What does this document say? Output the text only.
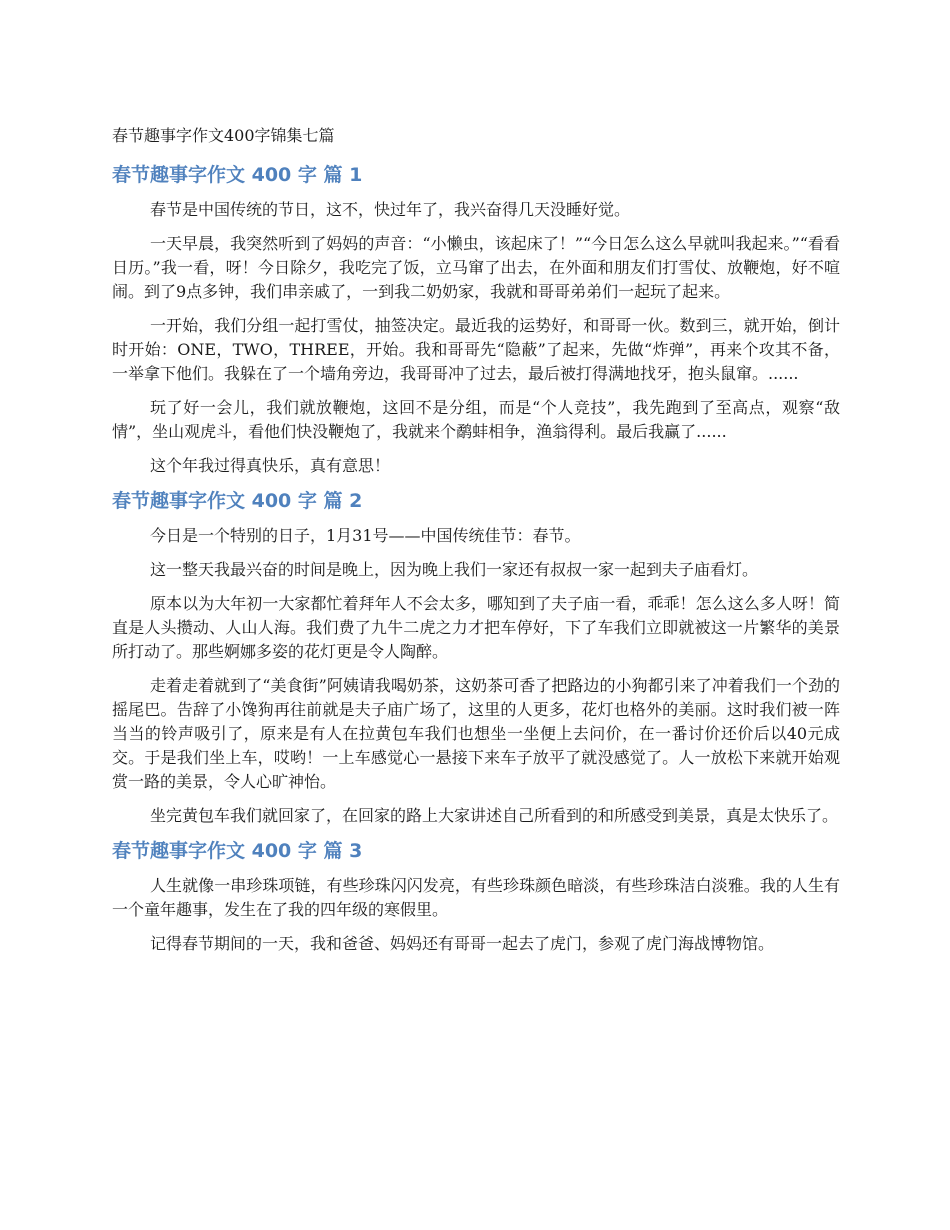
春节趣事字作文400字锦集七篇
春节趣事字作文 400 字 篇 1

春节是中国传统的节日，这不，快过年了，我兴奋得几天没睡好觉。

一天早晨，我突然听到了妈妈的声音：“小懒虫，该起床了！”“今日怎么这么早就叫我起来。”“看看日历。”我一看，呀！今日除夕，我吃完了饭，立马窜了出去，在外面和朋友们打雪仗、放鞭炮，好不喧闹。到了9点多钟，我们串亲戚了，一到我二奶奶家，我就和哥哥弟弟们一起玩了起来。

一开始，我们分组一起打雪仗，抽签决定。最近我的运势好，和哥哥一伙。数到三，就开始，倒计时开始：ONE，TWO，THREE，开始。我和哥哥先“隐蔽”了起来，先做“炸弹”，再来个攻其不备，一举拿下他们。我躲在了一个墙角旁边，我哥哥冲了过去，最后被打得满地找牙，抱头鼠窜。......

玩了好一会儿，我们就放鞭炮，这回不是分组，而是“个人竞技”，我先跑到了至高点，观察“敌情”，坐山观虎斗，看他们快没鞭炮了，我就来个鹬蚌相争，渔翁得利。最后我赢了......

这个年我过得真快乐，真有意思！

春节趣事字作文 400 字 篇 2

今日是一个特别的日子，1月31号——中国传统佳节：春节。

这一整天我最兴奋的时间是晚上，因为晚上我们一家还有叔叔一家一起到夫子庙看灯。

原本以为大年初一大家都忙着拜年人不会太多，哪知到了夫子庙一看，乖乖！怎么这么多人呀！简直是人头攒动、人山人海。我们费了九牛二虎之力才把车停好，下了车我们立即就被这一片繁华的美景所打动了。那些婀娜多姿的花灯更是令人陶醉。

走着走着就到了“美食街”阿姨请我喝奶茶，这奶茶可香了把路边的小狗都引来了冲着我们一个劲的摇尾巴。告辞了小馋狗再往前就是夫子庙广场了，这里的人更多，花灯也格外的美丽。这时我们被一阵当当的铃声吸引了，原来是有人在拉黄包车我们也想坐一坐便上去问价，在一番讨价还价后以40元成交。于是我们坐上车，哎哟！一上车感觉心一悬接下来车子放平了就没感觉了。人一放松下来就开始观赏一路的美景，令人心旷神怡。

坐完黄包车我们就回家了，在回家的路上大家讲述自己所看到的和所感受到美景，真是太快乐了。

春节趣事字作文 400 字 篇 3

人生就像一串珍珠项链，有些珍珠闪闪发亮，有些珍珠颜色暗淡，有些珍珠洁白淡雅。我的人生有一个童年趣事，发生在了我的四年级的寒假里。

记得春节期间的一天，我和爸爸、妈妈还有哥哥一起去了虎门，参观了虎门海战博物馆。
